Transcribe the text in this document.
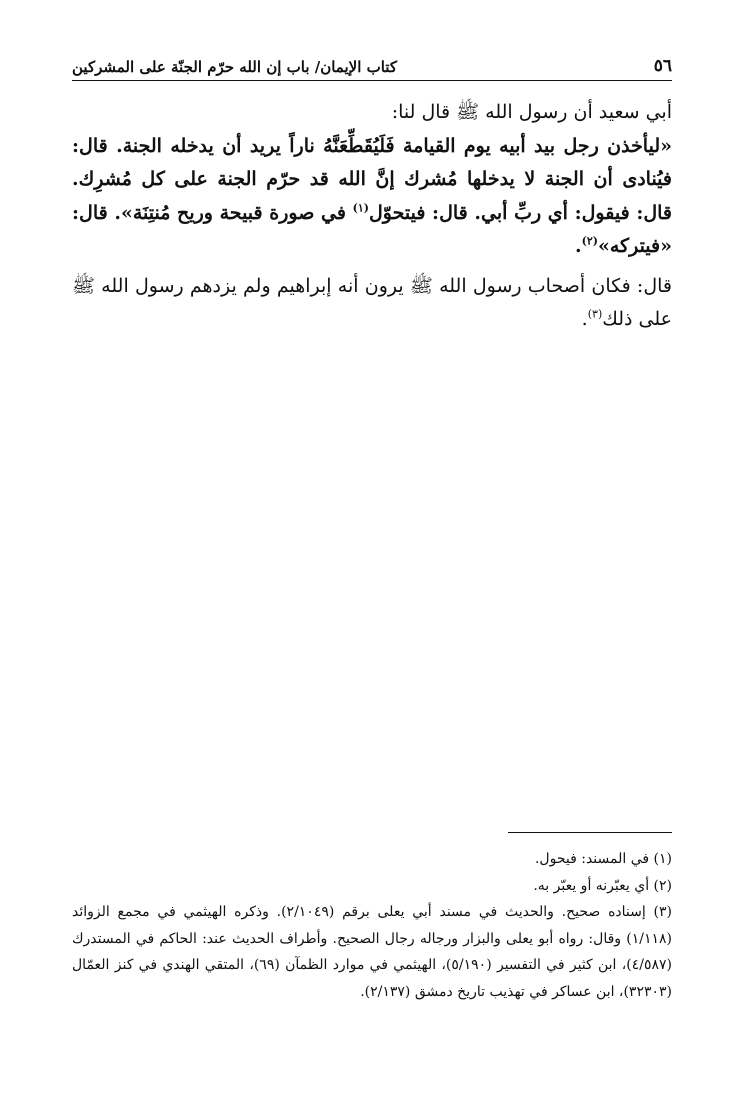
٥٦
كتاب الإيمان/ باب إن الله حرّم الجنّة على المشركين

أبي سعيد أن رسول الله ﷺ قال لنا:

«ليأخذن رجل بيد أبيه يوم القيامة فَلَيُقَطِّعَنَّهُ ناراً يريد أن يدخله الجنة. قال: فيُنادى أن الجنة لا يدخلها مُشرك إنَّ الله قد حرّم الجنة على كل مُشرِك. قال: فيقول: أي ربِّ أبي. قال: فيتحوّل$^{(١)}$ في صورة قبيحة وريح مُنتِنَة». قال: «فيتركه»$^{(٢)}$.

قال: فكان أصحاب رسول الله ﷺ يرون أنه إبراهيم ولم يزدهم رسول الله ﷺ على ذلك$^{(٣)}$.

(١) في المسند: فيحول.

(٢) أي يعبّرنه أو يعبّر به.

(٣) إسناده صحيح. والحديث في مسند أبي يعلى برقم (٢/١٠٤٩). وذكره الهيثمي في مجمع الزوائد (١/١١٨) وقال: رواه أبو يعلى والبزار ورجاله رجال الصحيح. وأطراف الحديث عند: الحاكم في المستدرك (٤/٥٨٧)، ابن كثير في التفسير (٥/١٩٠)، الهيثمي في موارد الظمآن (٦٩)، المتقي الهندي في كنز العمّال (٣٢٣٠٣)، ابن عساكر في تهذيب تاريخ دمشق (٢/١٣٧).
